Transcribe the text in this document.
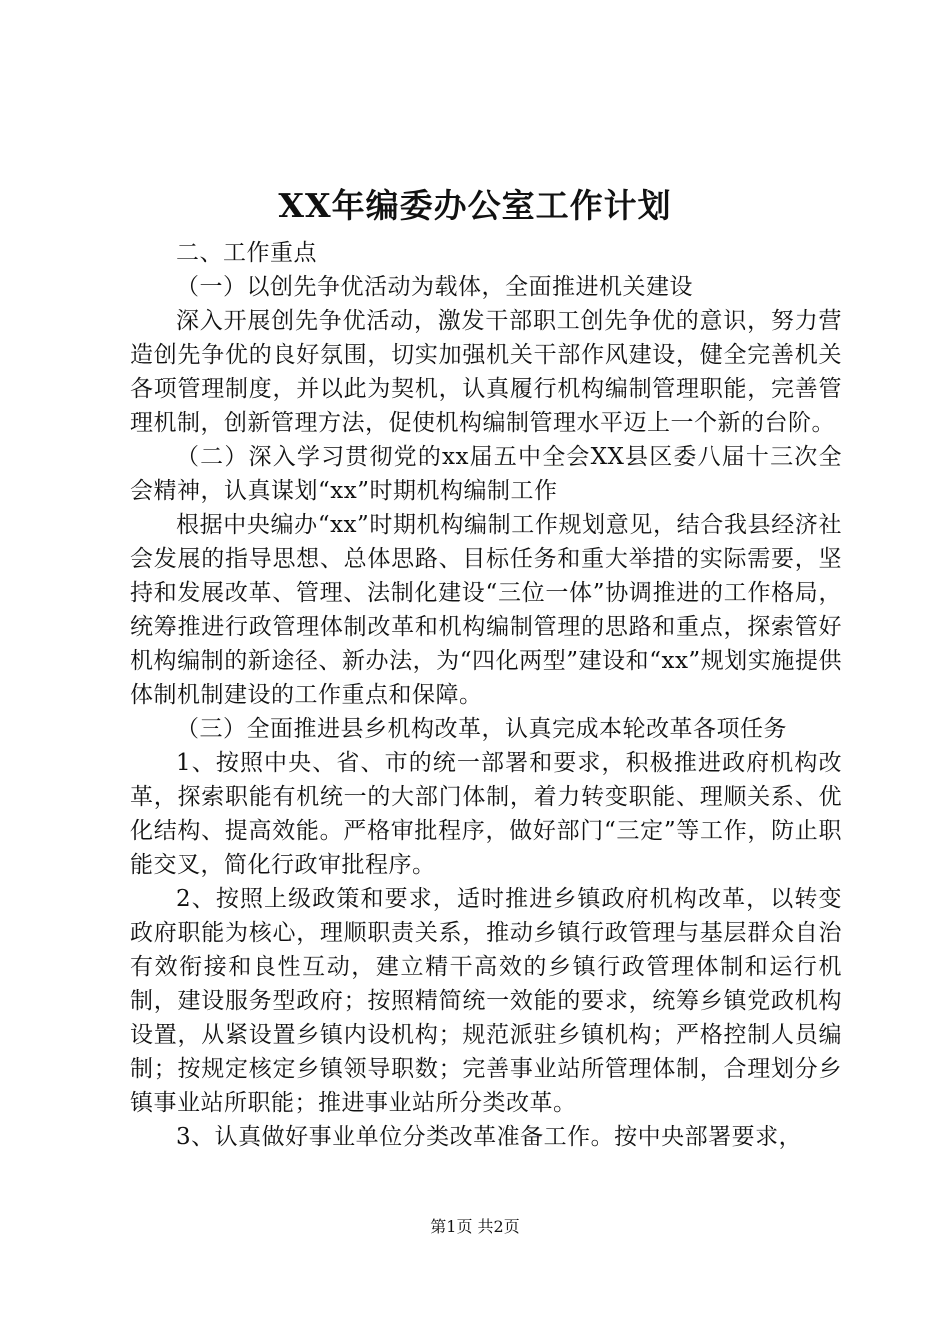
XX年编委办公室工作计划

二、工作重点

（一）以创先争优活动为载体，全面推进机关建设

深入开展创先争优活动，激发干部职工创先争优的意识，努力营造创先争优的良好氛围，切实加强机关干部作风建设，健全完善机关各项管理制度，并以此为契机，认真履行机构编制管理职能，完善管理机制，创新管理方法，促使机构编制管理水平迈上一个新的台阶。

（二）深入学习贯彻党的xx届五中全会XX县区委八届十三次全会精神，认真谋划“xx”时期机构编制工作

根据中央编办“xx”时期机构编制工作规划意见，结合我县经济社会发展的指导思想、总体思路、目标任务和重大举措的实际需要，坚持和发展改革、管理、法制化建设“三位一体”协调推进的工作格局，统筹推进行政管理体制改革和机构编制管理的思路和重点，探索管好机构编制的新途径、新办法，为“四化两型”建设和“xx”规划实施提供体制机制建设的工作重点和保障。

（三）全面推进县乡机构改革，认真完成本轮改革各项任务

1、按照中央、省、市的统一部署和要求，积极推进政府机构改革，探索职能有机统一的大部门体制，着力转变职能、理顺关系、优化结构、提高效能。严格审批程序，做好部门“三定”等工作，防止职能交叉，简化行政审批程序。

2、按照上级政策和要求，适时推进乡镇政府机构改革，以转变政府职能为核心，理顺职责关系，推动乡镇行政管理与基层群众自治有效衔接和良性互动，建立精干高效的乡镇行政管理体制和运行机制，建设服务型政府；按照精简统一效能的要求，统筹乡镇党政机构设置，从紧设置乡镇内设机构；规范派驻乡镇机构；严格控制人员编制；按规定核定乡镇领导职数；完善事业站所管理体制，合理划分乡镇事业站所职能；推进事业站所分类改革。

3、认真做好事业单位分类改革准备工作。按中央部署要求，

第1页 共2页
